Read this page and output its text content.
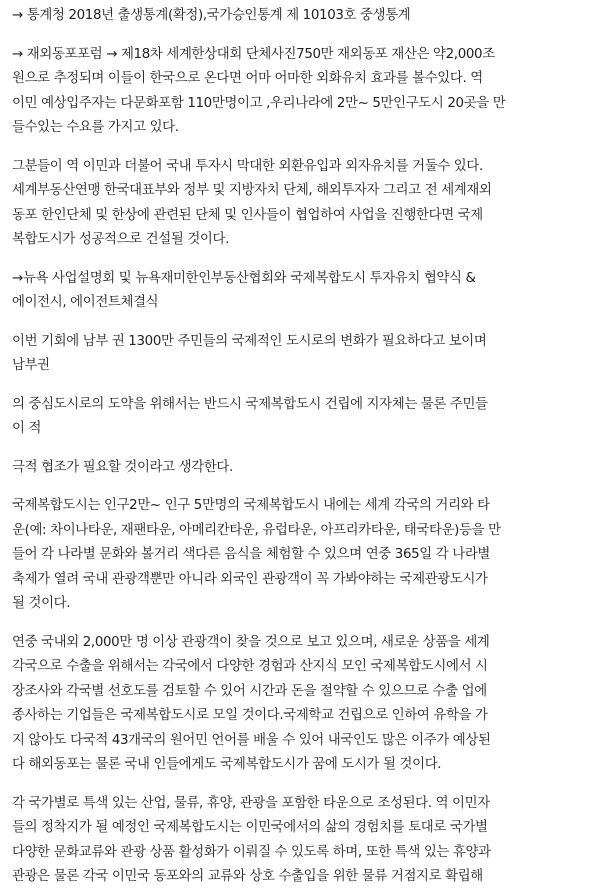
→ 통계청 2018년 출생통계(확정),국가승인통계 제 10103호 중생통계

→ 재외동포포럼 → 제18차 세계한상대회 단체사진750만 재외동포 재산은 약2,000조
원으로 추정되며 이들이 한국으로 온다면 어마 어마한 외화유치 효과를 볼수있다. 역
이민 예상입주자는 다문화포함 110만명이고 ,우리나라에 2만~ 5만인구도시 20곳을 만
들수있는 수요를 가지고 있다.

그분들이 역 이민과 더불어 국내 투자시 막대한 외환유입과 외자유치를 거둘수 있다.
세계부동산연맹 한국대표부와 정부 및 지방자치 단체, 해외투자자 그리고 전 세계재외
동포 한인단체 및 한상에 관련된 단체 및 인사들이 협업하여 사업을 진행한다면 국제
복합도시가 성공적으로 건설될 것이다.

→뉴욕 사업설명회 및 뉴욕재미한인부동산협회와 국제복합도시 투자유치 협약식 &
에이전시, 에이전트체결식

이번 기회에 남부 권 1300만 주민들의 국제적인 도시로의 변화가 필요하다고 보이며
남부권

의 중심도시로의 도약을 위해서는 반드시 국제복합도시 건립에 지자체는 물론 주민들
이 적

극적 협조가 필요할 것이라고 생각한다.

국제복합도시는 인구2만~ 인구 5만명의 국제복합도시 내에는 세계 각국의 거리와 타
운(예: 차이나타운, 재팬타운, 아메리칸타운, 유럽타운, 아프리카타운, 태국타운)등을 만
들어 각 나라별 문화와 볼거리 색다른 음식을 체험할 수 있으며 연중 365일 각 나라별
축제가 열려 국내 관광객뿐만 아니라 외국인 관광객이 꼭 가봐야하는 국제관광도시가
될 것이다.

연중 국내외 2,000만 명 이상 관광객이 찾을 것으로 보고 있으며, 새로운 상품을 세계
각국으로 수출을 위해서는 각국에서 다양한 경험과 산지식 모인 국제복합도시에서 시
장조사와 각국별 선호도를 검토할 수 있어 시간과 돈을 절약할 수 있으므로 수출 업에
종사하는 기업들은 국제복합도시로 모일 것이다.국제학교 건립으로 인하여 유학을 가
지 않아도 다국적 43개국의 원어민 언어를 배울 수 있어 내국인도 많은 이주가 예상된
다 해외동포는 물론 국내 인들에게도 국제복합도시가 꿈에 도시가 될 것이다.

각 국가별로 특색 있는 산업, 물류, 휴양, 관광을 포함한 타운으로 조성된다. 역 이민자
들의 정착지가 될 예정인 국제복합도시는 이민국에서의 삶의 경험치를 토대로 국가별
다양한 문화교류와 관광 상품 활성화가 이뤄질 수 있도록 하며, 또한 특색 있는 휴양과
관광은 물론 각국 이민국 동포와의 교류와 상호 수출입을 위한 물류 거점지로 확립해
